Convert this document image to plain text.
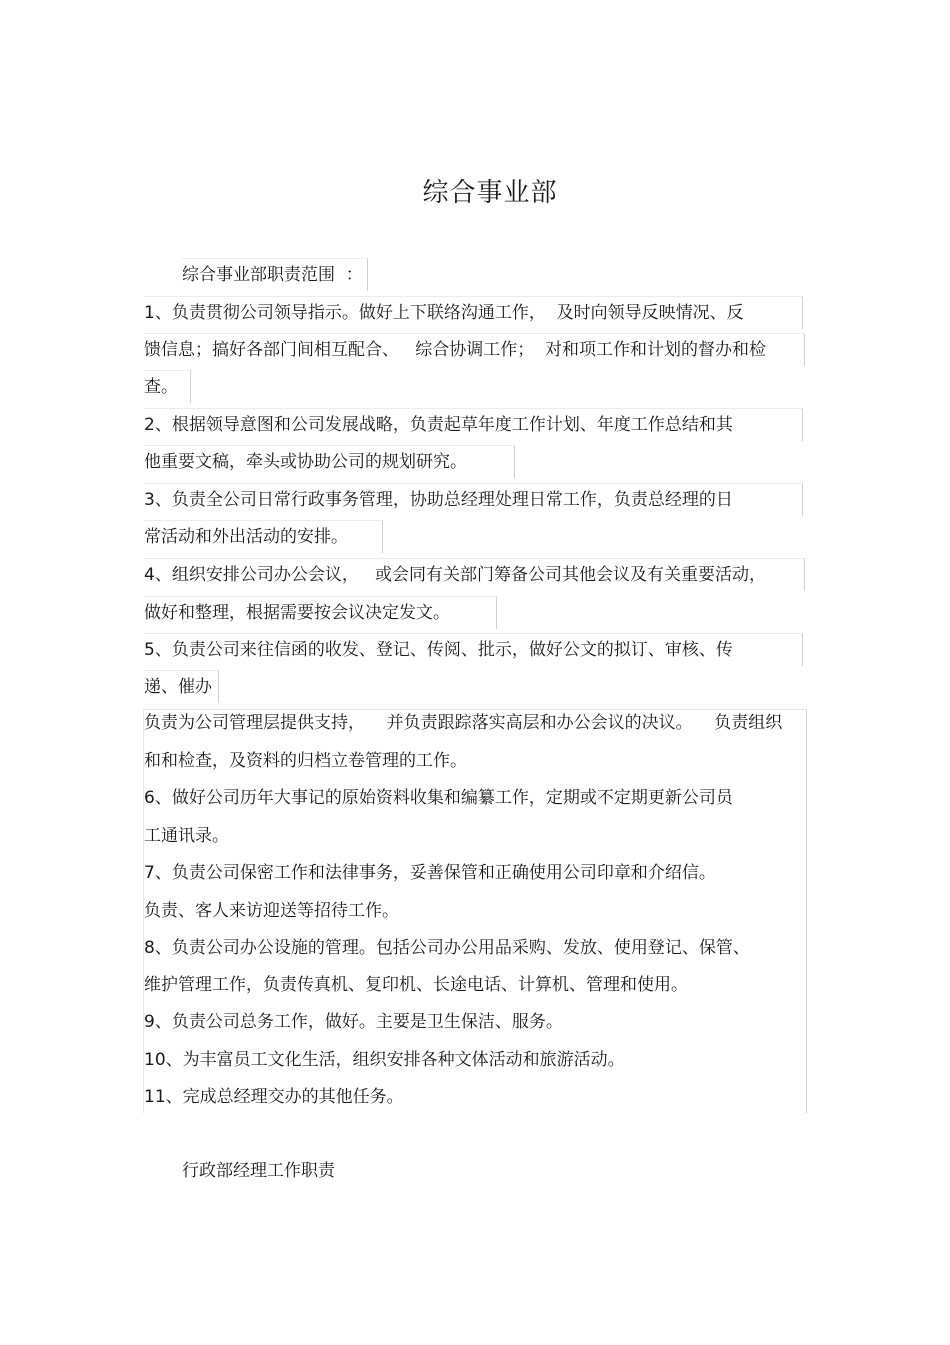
综合事业部
综合事业部职责范围  ：
1、负责贯彻公司领导指示。做好上下联络沟通工作，  及时向领导反映情况、反
馈信息；搞好各部门间相互配合、   综合协调工作；  对和项工作和计划的督办和检
查。
2、根据领导意图和公司发展战略，负责起草年度工作计划、年度工作总结和其
他重要文稿，牵头或协助公司的规划研究。
3、负责全公司日常行政事务管理，协助总经理处理日常工作，负责总经理的日
常活动和外出活动的安排。
4、组织安排公司办公会议，   或会同有关部门筹备公司其他会议及有关重要活动，
做好和整理，根据需要按会议决定发文。
5、负责公司来往信函的收发、登记、传阅、批示，做好公文的拟订、审核、传
递、催办
负责为公司管理层提供支持，    并负责跟踪落实高层和办公会议的决议。    负责组织
和和检查，及资料的归档立卷管理的工作。
6、做好公司历年大事记的原始资料收集和编纂工作，定期或不定期更新公司员
工通讯录。
7、负责公司保密工作和法律事务，妥善保管和正确使用公司印章和介绍信。
负责、客人来访迎送等招待工作。
8、负责公司办公设施的管理。包括公司办公用品采购、发放、使用登记、保管、
维护管理工作，负责传真机、复印机、长途电话、计算机、管理和使用。
9、负责公司总务工作，做好。主要是卫生保洁、服务。
10、为丰富员工文化生活，组织安排各种文体活动和旅游活动。
11、完成总经理交办的其他任务。
行政部经理工作职责
